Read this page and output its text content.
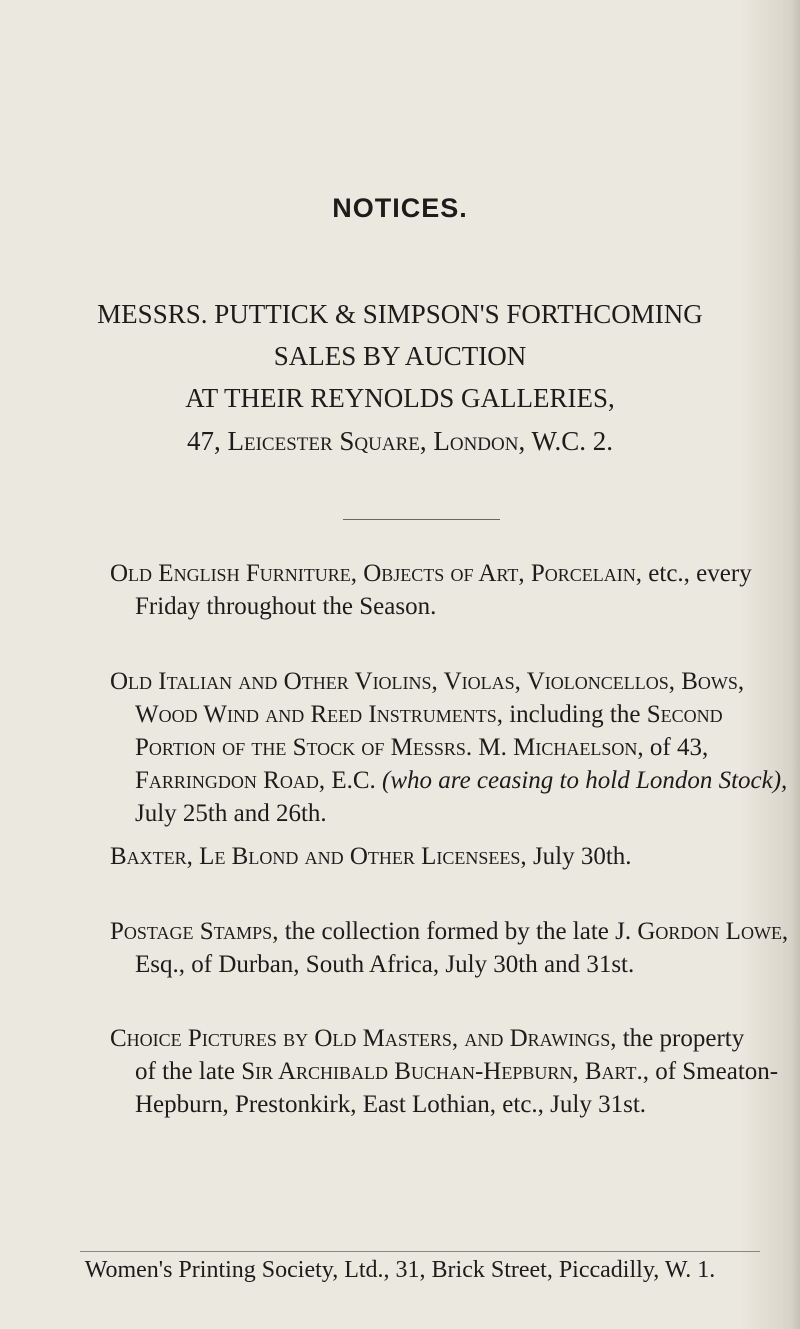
NOTICES.
MESSRS. PUTTICK & SIMPSON'S FORTHCOMING
SALES BY AUCTION
AT THEIR REYNOLDS GALLERIES,
47, Leicester Square, London, W.C. 2.
Old English Furniture, Objects of Art, Porcelain, etc., every
Friday throughout the Season.
Old Italian and Other Violins, Violas, Violoncellos, Bows,
Wood Wind and Reed Instruments, including the Second
Portion of the Stock of Messrs. M. Michaelson, of 43,
Farringdon Road, E.C. (who are ceasing to hold London Stock),
July 25th and 26th.
Baxter, Le Blond and Other Licensees, July 30th.
Postage Stamps, the collection formed by the late J. Gordon Lowe,
Esq., of Durban, South Africa, July 30th and 31st.
Choice Pictures by Old Masters, and Drawings, the property
of the late Sir Archibald Buchan-Hepburn, Bart., of Smeaton-
Hepburn, Prestonkirk, East Lothian, etc., July 31st.
Women's Printing Society, Ltd., 31, Brick Street, Piccadilly, W. 1.
